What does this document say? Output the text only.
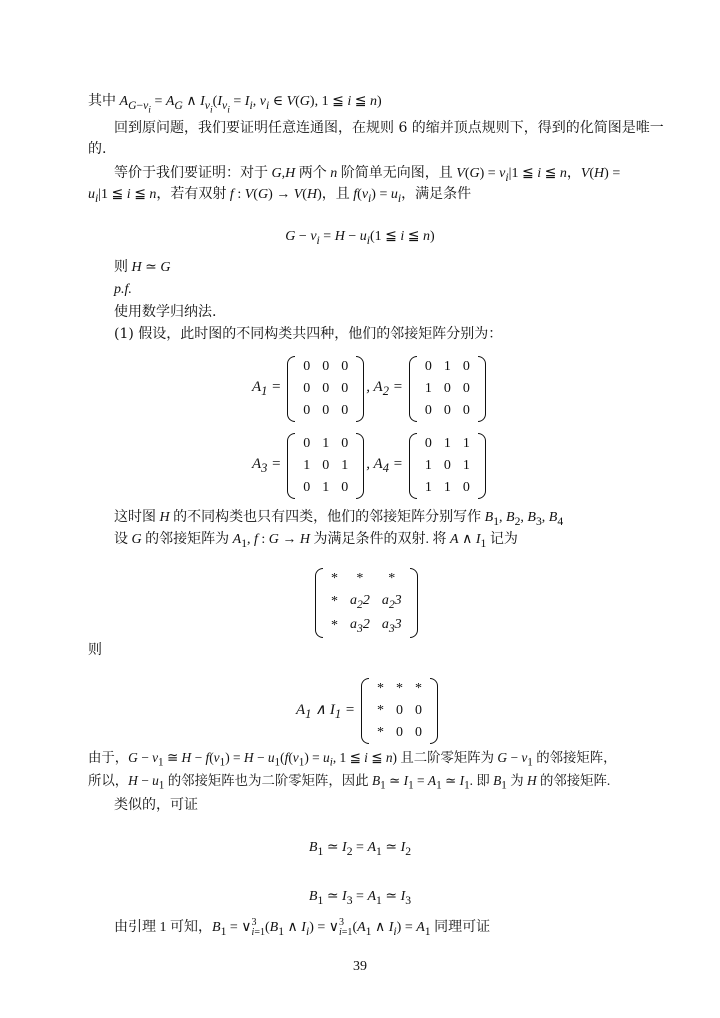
其中 $A_{G-v_i} = A_G$ ∧ $I_{v_i}(I_{v_i} = I_i$, $v_i$ ∈ V(G), 1 ≦ i ≦ n)
回到原问题，我们要证明任意连通图，在规则 6 的缩并顶点规则下，得到的化简图是唯一
的.
等价于我们要证明：对于 G,H 两个 n 阶简单无向图，且 $V(G) = v_i|1$ ≦ i ≦ n，V(H) =
$u_i|1$ ≦ i ≦ n，若有双射 f : V(G) → V(H)，且 $f(v_i) = u_i$，满足条件
$G - v_i = H - u_i(1$ ≦ i ≦ n)
则 H ≃ G
p.f.
使用数学归纳法.
(1) 假设，此时图的不同构类共四种，他们的邻接矩阵分别为：
$A_1$ =
0	0	0
0	0	0
0	0	0
, $A_2$ =
0	1	0
1	0	0
0	0	0
$A_3$ =
0	1	0
1	0	1
0	1	0
, $A_4$ =
0	1	1
1	0	1
1	1	0
这时图 H 的不同构类也只有四类，他们的邻接矩阵分别写作 $B_1$, $B_2$, $B_3$, $B_4$
设 G 的邻接矩阵为 $A_1$, f : G → H 为满足条件的双射. 将 A ∧ $I_1$ 记为
*	*	*
*	$a_22$	$a_23$
*	$a_32$	$a_33$
则
$A_1$ ∧ $I_1$ =
*	*	*
*	0	0
*	0	0
由于，$G - v_1$ ≅ $H - f(v_1) = H - u_1(f(v_1) = u_i$, 1 ≦ i ≦ n) 且二阶零矩阵为 $G - v_1$ 的邻接矩阵，
所以，$H - u_1$ 的邻接矩阵也为二阶零矩阵，因此 $B_1$ ≃ $I_1 = A_1$ ≃ $I_1$. 即 $B_1$ 为 H 的邻接矩阵.
类似的，可证
$B_1$ ≃ $I_2 = A_1$ ≃ $I_2$
$B_1$ ≃ $I_3 = A_1$ ≃ $I_3$
由引理 1 可知，$B_1$ = ∨ 3
i=1 ($B_1$ ∧ $I_i$) = ∨ 3
i=1 ($A_1$ ∧ $I_i) = A_1$ 同理可证
39
